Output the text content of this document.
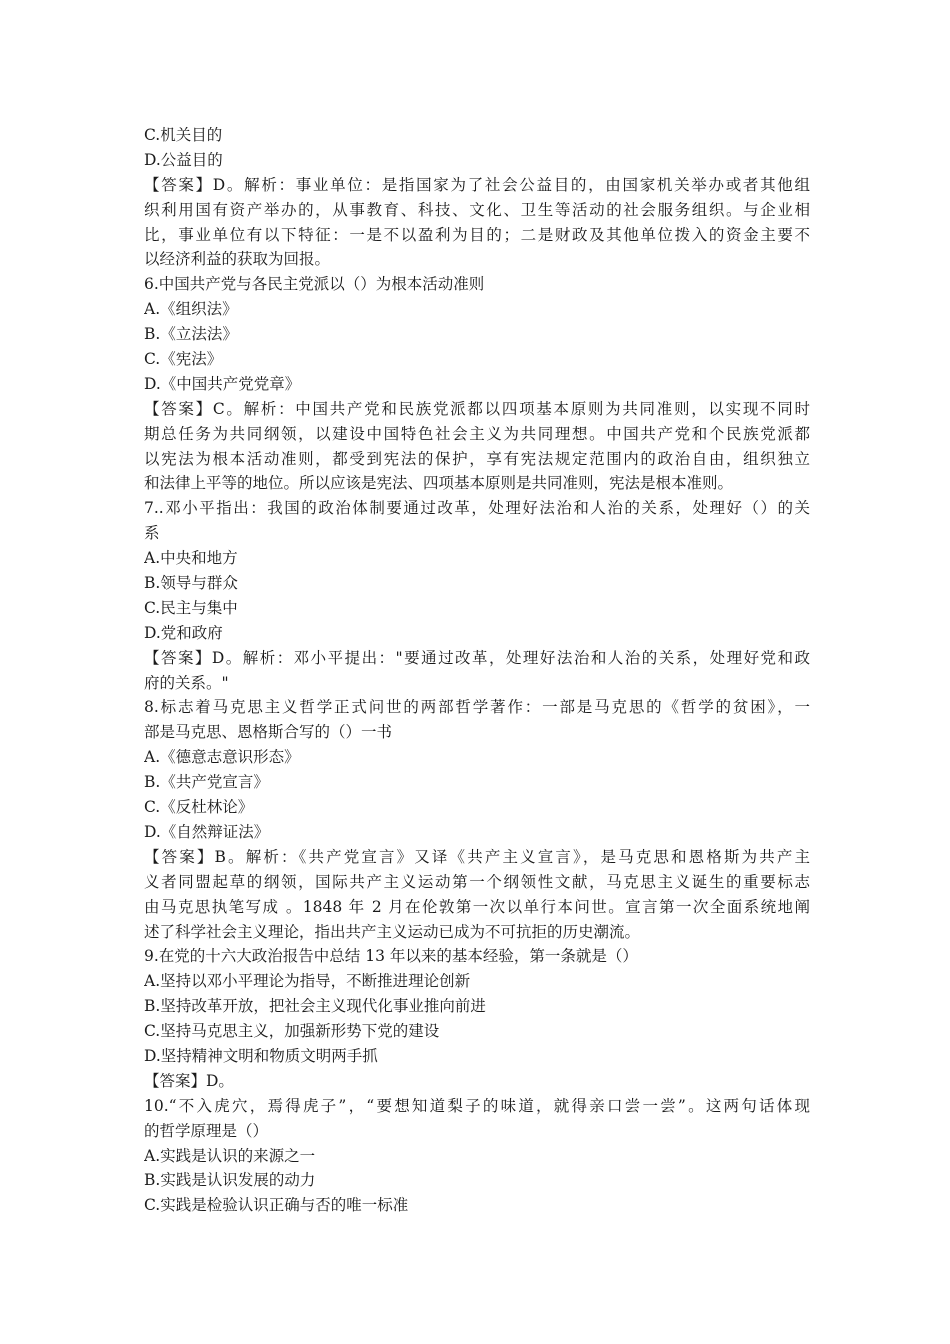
C.机关目的
D.公益目的
【答案】D。解析：事业单位：是指国家为了社会公益目的，由国家机关举办或者其他组
织利用国有资产举办的，从事教育、科技、文化、卫生等活动的社会服务组织。与企业相
比，事业单位有以下特征：一是不以盈利为目的；二是财政及其他单位拨入的资金主要不
以经济利益的获取为回报。
6.中国共产党与各民主党派以（）为根本活动准则
A.《组织法》
B.《立法法》
C.《宪法》
D.《中国共产党党章》
【答案】C。解析：中国共产党和民族党派都以四项基本原则为共同准则，以实现不同时
期总任务为共同纲领，以建设中国特色社会主义为共同理想。中国共产党和个民族党派都
以宪法为根本活动准则，都受到宪法的保护，享有宪法规定范围内的政治自由，组织独立
和法律上平等的地位。所以应该是宪法、四项基本原则是共同准则，宪法是根本准则。
7..邓小平指出：我国的政治体制要通过改革，处理好法治和人治的关系，处理好（）的关
系
A.中央和地方
B.领导与群众
C.民主与集中
D.党和政府
【答案】D。解析：邓小平提出："要通过改革，处理好法治和人治的关系，处理好党和政
府的关系。"
8.标志着马克思主义哲学正式问世的两部哲学著作：一部是马克思的《哲学的贫困》，一
部是马克思、恩格斯合写的（）一书
A.《德意志意识形态》
B.《共产党宣言》
C.《反杜林论》
D.《自然辩证法》
【答案】B。解析：《共产党宣言》又译《共产主义宣言》，是马克思和恩格斯为共产主
义者同盟起草的纲领，国际共产主义运动第一个纲领性文献，马克思主义诞生的重要标志
由马克思执笔写成 。1848 年 2 月在伦敦第一次以单行本问世。宣言第一次全面系统地阐
述了科学社会主义理论，指出共产主义运动已成为不可抗拒的历史潮流。
9.在党的十六大政治报告中总结 13 年以来的基本经验，第一条就是（）
A.坚持以邓小平理论为指导，不断推进理论创新
B.坚持改革开放，把社会主义现代化事业推向前进
C.坚持马克思主义，加强新形势下党的建设
D.坚持精神文明和物质文明两手抓
【答案】D。
10.“不入虎穴，焉得虎子”，“要想知道梨子的味道，就得亲口尝一尝”。这两句话体现
的哲学原理是（）
A.实践是认识的来源之一
B.实践是认识发展的动力
C.实践是检验认识正确与否的唯一标准
